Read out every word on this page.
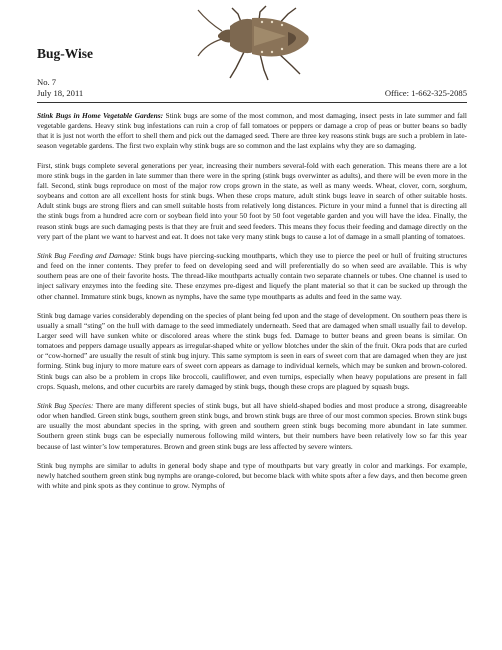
Bug-Wise
No. 7
July 18, 2011	Office: 1-662-325-2085

Stink Bugs in Home Vegetable Gardens: Stink bugs are some of the most common, and most damaging, insect pests in late summer and fall vegetable gardens. Heavy stink bug infestations can ruin a crop of fall tomatoes or peppers or damage a crop of peas or butter beans so badly that it is just not worth the effort to shell them and pick out the damaged seed. There are three key reasons stink bugs are such a problem in late-season vegetable gardens. The first two explain why stink bugs are so common and the last explains why they are so damaging.

First, stink bugs complete several generations per year, increasing their numbers several-fold with each generation. This means there are a lot more stink bugs in the garden in late summer than there were in the spring (stink bugs overwinter as adults), and there will be even more in the fall. Second, stink bugs reproduce on most of the major row crops grown in the state, as well as many weeds. Wheat, clover, corn, sorghum, soybeans and cotton are all excellent hosts for stink bugs. When these crops mature, adult stink bugs leave in search of other suitable hosts. Adult stink bugs are strong fliers and can smell suitable hosts from relatively long distances. Picture in your mind a funnel that is directing all the stink bugs from a hundred acre corn or soybean field into your 50 foot by 50 foot vegetable garden and you will have the idea. Finally, the reason stink bugs are such damaging pests is that they are fruit and seed feeders. This means they focus their feeding and damage directly on the very part of the plant we want to harvest and eat. It does not take very many stink bugs to cause a lot of damage in a small planting of tomatoes.

Stink Bug Feeding and Damage: Stink bugs have piercing-sucking mouthparts, which they use to pierce the peel or hull of fruiting structures and feed on the inner contents. They prefer to feed on developing seed and will preferentially do so when seed are available. This is why southern peas are one of their favorite hosts. The thread-like mouthparts actually contain two separate channels or tubes. One channel is used to inject salivary enzymes into the feeding site. These enzymes pre-digest and liquefy the plant material so that it can be sucked up through the other channel. Immature stink bugs, known as nymphs, have the same type mouthparts as adults and feed in the same way.

Stink bug damage varies considerably depending on the species of plant being fed upon and the stage of development. On southern peas there is usually a small “sting” on the hull with damage to the seed immediately underneath. Seed that are damaged when small usually fail to develop. Larger seed will have sunken white or discolored areas where the stink bugs fed. Damage to butter beans and green beans is similar. On tomatoes and peppers damage usually appears as irregular-shaped white or yellow blotches under the skin of the fruit. Okra pods that are curled or “cow-horned” are usually the result of stink bug injury. This same symptom is seen in ears of sweet corn that are damaged when they are just forming. Stink bug injury to more mature ears of sweet corn appears as damage to individual kernels, which may be sunken and brown-colored. Stink bugs can also be a problem in crops like broccoli, cauliflower, and even turnips, especially when heavy populations are present in fall crops. Squash, melons, and other cucurbits are rarely damaged by stink bugs, though these crops are plagued by squash bugs.

Stink Bug Species: There are many different species of stink bugs, but all have shield-shaped bodies and most produce a strong, disagreeable odor when handled. Green stink bugs, southern green stink bugs, and brown stink bugs are three of our most common species. Brown stink bugs are usually the most abundant species in the spring, with green and southern green stink bugs becoming more abundant in late summer. Southern green stink bugs can be especially numerous following mild winters, but their numbers have been relatively low so far this year because of last winter’s low temperatures. Brown and green stink bugs are less affected by severe winters.

Stink bug nymphs are similar to adults in general body shape and type of mouthparts but vary greatly in color and markings. For example, newly hatched southern green stink bug nymphs are orange-colored, but become black with white spots after a few days, and then become green with white and pink spots as they continue to grow. Nymphs of
